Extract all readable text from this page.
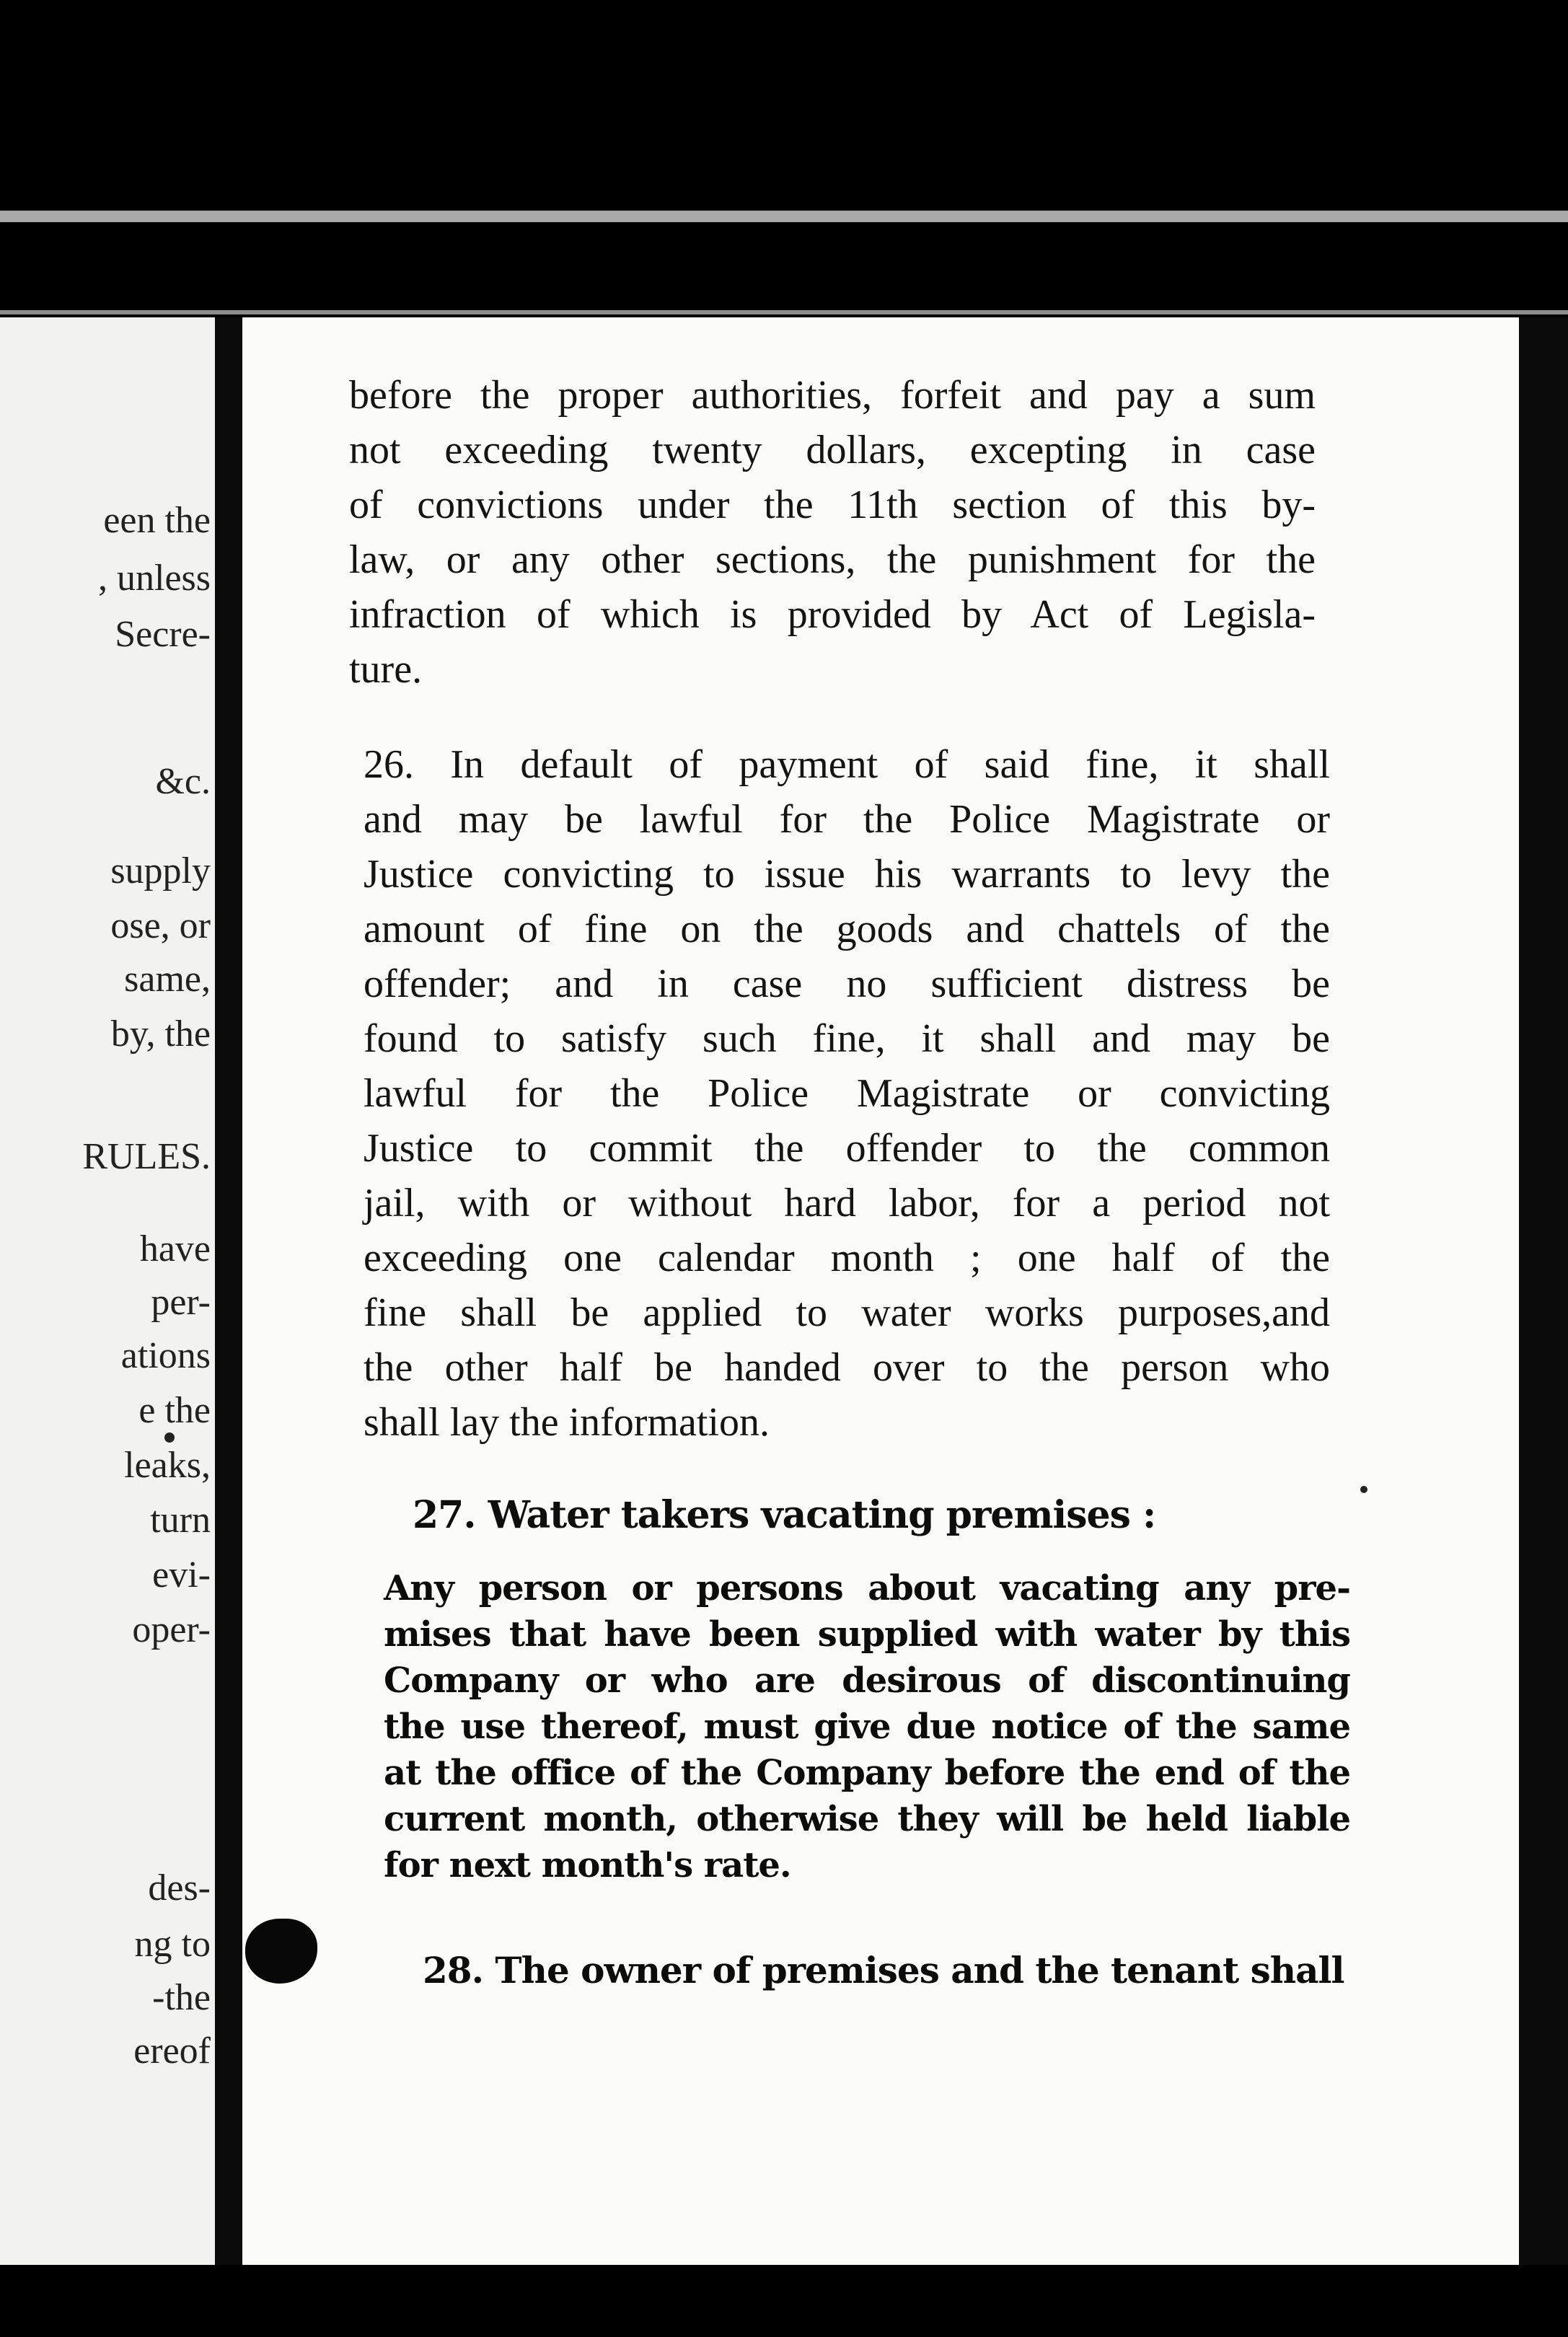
een the
, unless
Secre-
&c.
supply
ose, or
same,
by, the
RULES.
have
per-
ations
e the
leaks,
turn
evi-
oper-
des-
ng to
-the
ereof
before the proper authorities, forfeit and pay a sum
not exceeding twenty dollars, excepting in case
of convictions under the 11th section of this by-
law, or any other sections, the punishment for the
infraction of which is provided by Act of Legisla-
ture.
26. In default of payment of said fine, it shall
and may be lawful for the Police Magistrate or
Justice convicting to issue his warrants to levy the
amount of fine on the goods and chattels of the
offender; and in case no sufficient distress be
found to satisfy such fine, it shall and may be
lawful for the Police Magistrate or convicting
Justice to commit the offender to the common
jail, with or without hard labor, for a period not
exceeding one calendar month ; one half of the
fine shall be applied to water works purposes,and
the other half be handed over to the person who
shall lay the information.
27. Water takers vacating premises :
Any person or persons about vacating any pre-
mises that have been supplied with water by this
Company or who are desirous of discontinuing
the use thereof, must give due notice of the same
at the office of the Company before the end of the
current month, otherwise they will be held liable
for next month's rate.
28. The owner of premises and the tenant shall
